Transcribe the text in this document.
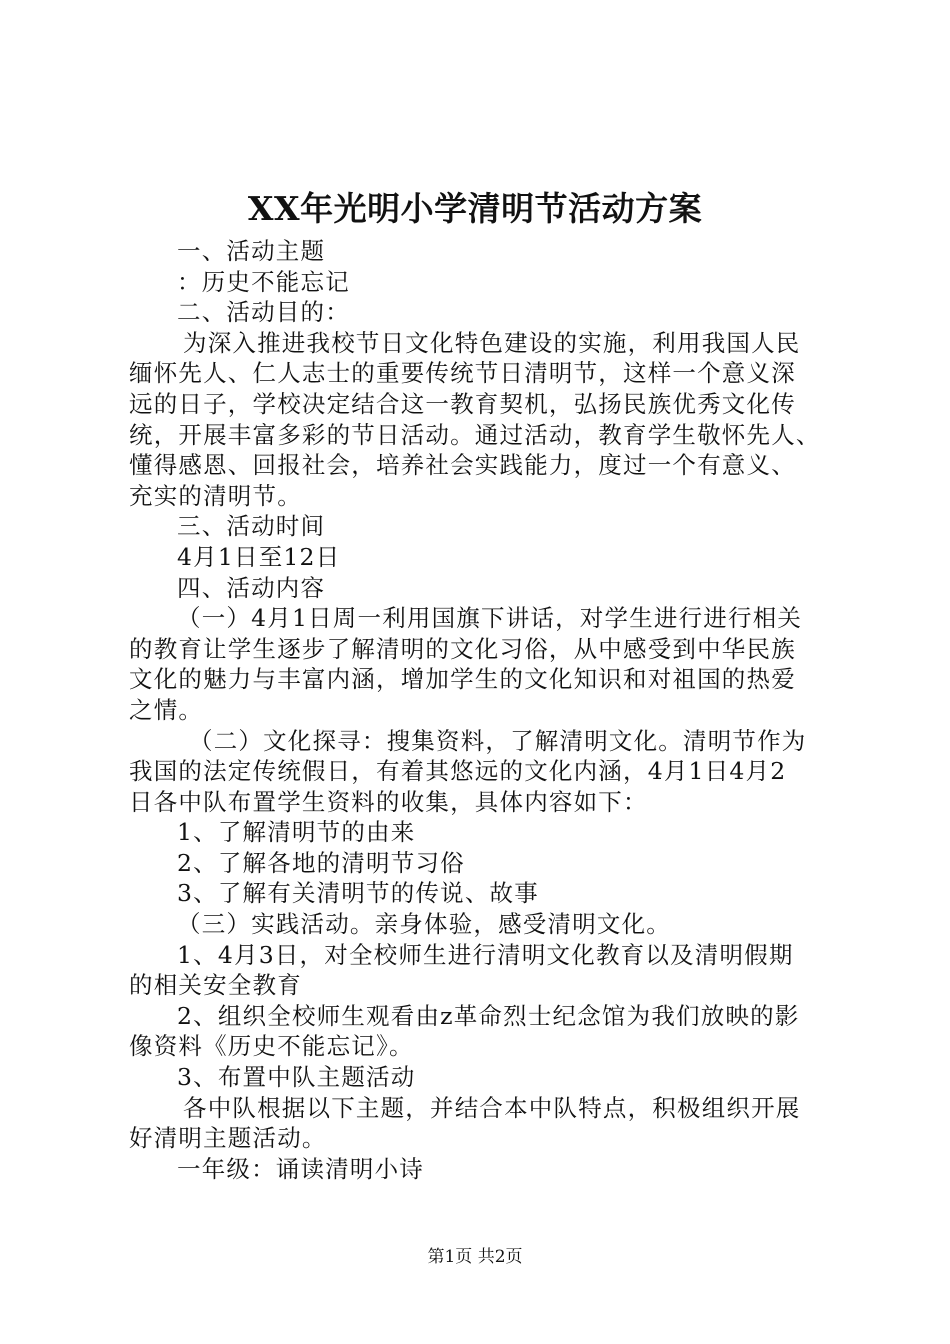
XX年光明小学清明节活动方案
一、活动主题
：历史不能忘记
二、活动目的：
为深入推进我校节日文化特色建设的实施，利用我国人民
缅怀先人、仁人志士的重要传统节日清明节，这样一个意义深
远的日子，学校决定结合这一教育契机，弘扬民族优秀文化传
统，开展丰富多彩的节日活动。通过活动，教育学生敬怀先人、
懂得感恩、回报社会，培养社会实践能力，度过一个有意义、
充实的清明节。
三、活动时间
4月1日至12日
四、活动内容
（一）4月1日周一利用国旗下讲话，对学生进行进行相关
的教育让学生逐步了解清明的文化习俗，从中感受到中华民族
文化的魅力与丰富内涵，增加学生的文化知识和对祖国的热爱
之情。
（二）文化探寻：搜集资料，了解清明文化。清明节作为
我国的法定传统假日，有着其悠远的文化内涵，4月1日4月2
日各中队布置学生资料的收集，具体内容如下：
1、了解清明节的由来
2、了解各地的清明节习俗
3、了解有关清明节的传说、故事
（三）实践活动。亲身体验，感受清明文化。
1、4月3日，对全校师生进行清明文化教育以及清明假期
的相关安全教育
2、组织全校师生观看由z革命烈士纪念馆为我们放映的影
像资料《历史不能忘记》。
3、布置中队主题活动
各中队根据以下主题，并结合本中队特点，积极组织开展
好清明主题活动。
一年级：诵读清明小诗
第1页 共2页
